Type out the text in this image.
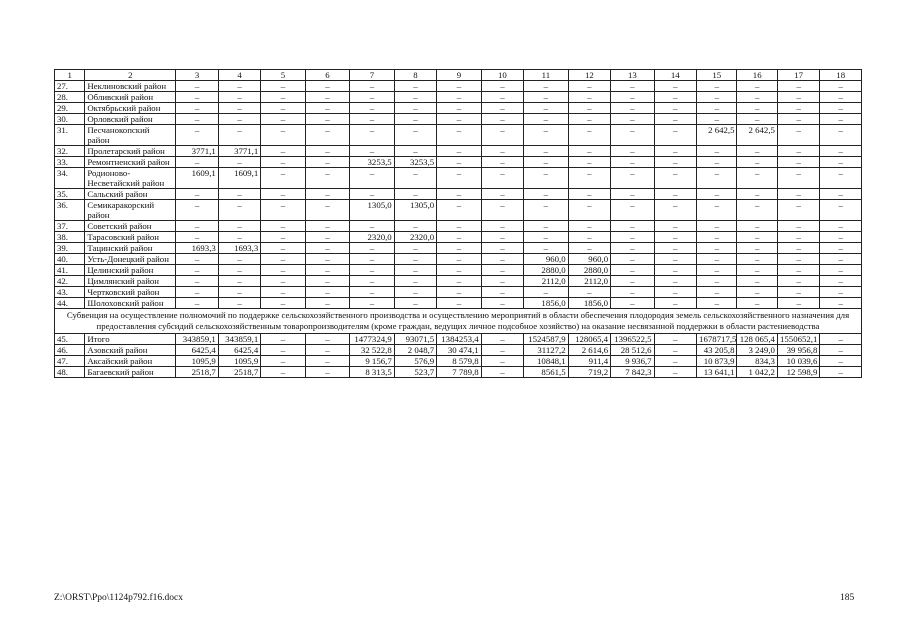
1	2	3	4	5	6	7	8	9	10	11	12	13	14	15	16	17	18
27.	Неклиновский район	–	–	–	–	–	–	–	–	–	–	–	–	–	–	–	–
28.	Обливский район	–	–	–	–	–	–	–	–	–	–	–	–	–	–	–	–
29.	Октябрьский район	–	–	–	–	–	–	–	–	–	–	–	–	–	–	–	–
30.	Орловский район	–	–	–	–	–	–	–	–	–	–	–	–	–	–	–	–
31.	Песчанокопский район	–	–	–	–	–	–	–	–	–	–	–	–	2 642,5	2 642,5	–	–
32.	Пролетарский район	3771,1	3771,1	–	–	–	–	–	–	–	–	–	–	–	–	–	–
33.	Ремонтненский район	–	–	–	–	3253,5	3253,5	–	–	–	–	–	–	–	–	–	–
34.	Родионово-Несветайский район	1609,1	1609,1	–	–	–	–	–	–	–	–	–	–	–	–	–	–
35.	Сальский район	–	–	–	–	–	–	–	–	–	–	–	–	–	–	–	–
36.	Семикаракорский район	–	–	–	–	1305,0	1305,0	–	–	–	–	–	–	–	–	–	–
37.	Советский район	–	–	–	–	–	–	–	–	–	–	–	–	–	–	–	–
38.	Тарасовский район	–	–	–	–	2320,0	2320,0	–	–	–	–	–	–	–	–	–	–
39.	Тацинский район	1693,3	1693,3	–	–	–	–	–	–	–	–	–	–	–	–	–	–
40.	Усть-Донецкий район	–	–	–	–	–	–	–	–	960,0	960,0	–	–	–	–	–	–
41.	Целинский район	–	–	–	–	–	–	–	–	2880,0	2880,0	–	–	–	–	–	–
42.	Цимлянский район	–	–	–	–	–	–	–	–	2112,0	2112,0	–	–	–	–	–	–
43.	Чертковский район	–	–	–	–	–	–	–	–	–	–	–	–	–	–	–	–
44.	Шолоховский район	–	–	–	–	–	–	–	–	1856,0	1856,0	–	–	–	–	–	–
Субвенция на осуществление полномочий по поддержке сельскохозяйственного производства и осуществлению мероприятий в области обеспечения плодородия земель сельскохозяйственного назначения для предоставления субсидий сельскохозяйственным товаропроизводителям (кроме граждан, ведущих личное подсобное хозяйство) на оказание несвязанной поддержки в области растениеводства																	
45.	Итого	343859,1	343859,1	–	–	1477324,9	93071,5	1384253,4	–	1524587,9	128065,4	1396522,5	–	1678717,5	128 065,4	1550652,1	–
46.	Азовский район	6425,4	6425,4	–	–	32 522,8	2 048,7	30 474,1	–	31127,2	2 614,6	28 512,6	–	43 205,8	3 249,0	39 956,8	–
47.	Аксайский район	1095,9	1095,9	–	–	9 156,7	576,9	8 579,8	–	10848,1	911,4	9 936,7	–	10 873,9	834,3	10 039,6	–
48.	Багаевский район	2518,7	2518,7	–	–	8 313,5	523,7	7 789,8	–	8561,5	719,2	7 842,3	–	13 641,1	1 042,2	12 598,9	–
Z:\ORST\Ppo\1124p792.f16.docx	185
